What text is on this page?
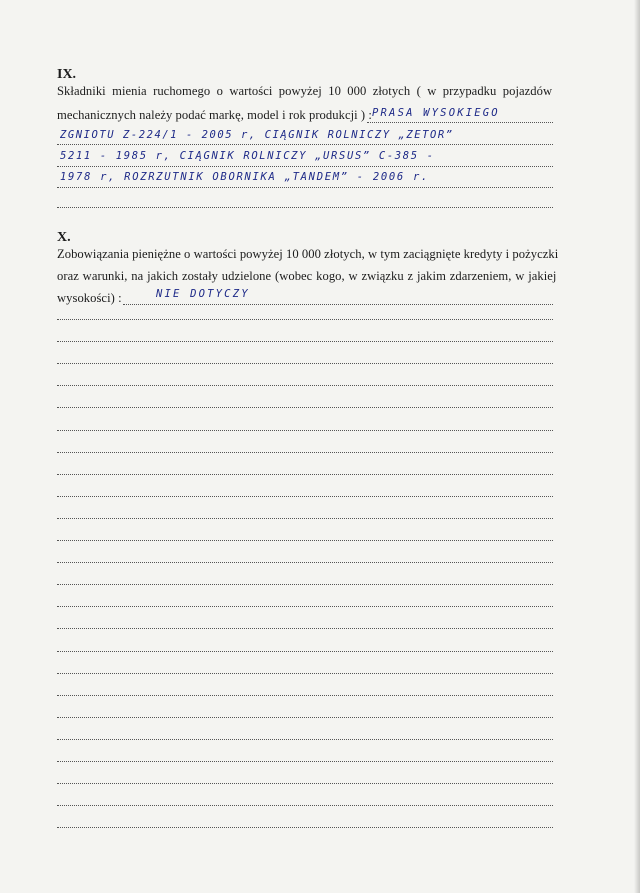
IX.
Składniki mienia ruchomego o wartości powyżej 10 000 złotych ( w przypadku pojazdów
mechanicznych należy podać markę, model i rok produkcji ) : PRASA WYSOKIEGO
ZGNIOTU Z-224/1 - 2005 r, CIĄGNIK ROLNICZY „ZETOR”
5211 - 1985 r, CIĄGNIK ROLNICZY „URSUS” C-385 -
1978 r, ROZRZUTNIK OBORNIKA „TANDEM” - 2006 r.
X.
Zobowiązania pieniężne o wartości powyżej 10 000 złotych, w tym zaciągnięte kredyty i pożyczki
oraz warunki, na jakich zostały udzielone (wobec kogo, w związku z jakim zdarzeniem, w jakiej
wysokości) :	NIE DOTYCZY
